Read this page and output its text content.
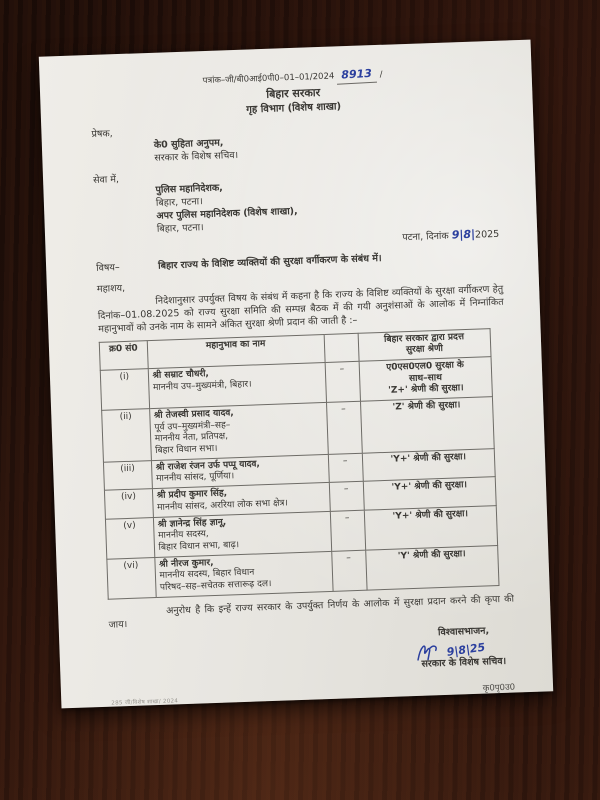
पत्रांक–जी/बी0आई0पी0–01–01/2024 8913 /
बिहार सरकार
गृह विभाग (विशेष शाखा)
प्रेषक,
के0 सुहिता अनुपम,
सरकार के विशेष सचिव।
सेवा में,
पुलिस महानिदेशक,
बिहार, पटना।
अपर पुलिस महानिदेशक (विशेष शाखा),
बिहार, पटना।
पटना, दिनांक 9|8|2025
विषय–	बिहार राज्य के विशिष्ट व्यक्तियों की सुरक्षा वर्गीकरण के संबंध में।
महाशय,	निदेशानुसार उपर्युक्त विषय के संबंध में कहना है कि राज्य के विशिष्ट व्यक्तियों के सुरक्षा वर्गीकरण हेतु दिनांक–01.08.2025 को राज्य सुरक्षा समिति की सम्पन्न बैठक में की गयी अनुशंसाओं के आलोक में निम्नांकित महानुभावों को उनके नाम के सामने अंकित सुरक्षा श्रेणी प्रदान की जाती है :–
क्र0 सं0	महानुभाव का नाम		बिहार सरकार द्वारा प्रदत्त
सुरक्षा श्रेणी

(i)	श्री सम्राट चौधरी,
माननीय उप–मुख्यमंत्री, बिहार।
	–	ए0एस0एल0 सुरक्षा के
साथ–साथ
'Z+' श्रेणी की सुरक्षा।

(ii)	श्री तेजस्वी प्रसाद यादव,
पूर्व उप–मुख्यमंत्री–सह–
माननीय नेता, प्रतिपक्ष,
बिहार विधान सभा।	–	'Z' श्रेणी की सुरक्षा।

(iii)	श्री राजेश रंजन उर्फ पप्पू यादव,
माननीय सांसद, पूर्णिया।	–	'Y+' श्रेणी की सुरक्षा।

(iv)	श्री प्रदीप कुमार सिंह,
माननीय सांसद, अररिया लोक सभा क्षेत्र।	–	'Y+' श्रेणी की सुरक्षा।

(v)	श्री ज्ञानेन्द्र सिंह ज्ञानू,
माननीय सदस्य,
बिहार विधान सभा, बाढ़।	–	'Y+' श्रेणी की सुरक्षा।

(vi)	श्री नीरज कुमार,
माननीय सदस्य, बिहार विधान
परिषद–सह–सचेतक सत्तारूढ़ दल।	–	'Y' श्रेणी की सुरक्षा।
अनुरोध है कि इन्हें राज्य सरकार के उपर्युक्त निर्णय के आलोक में सुरक्षा प्रदान करने की कृपा की जाय।
विश्वासभाजन,
9|8|25
सरकार के विशेष सचिव।
285 जी/विशेष शाखा/ 2024
कृ0पृ0उ0
